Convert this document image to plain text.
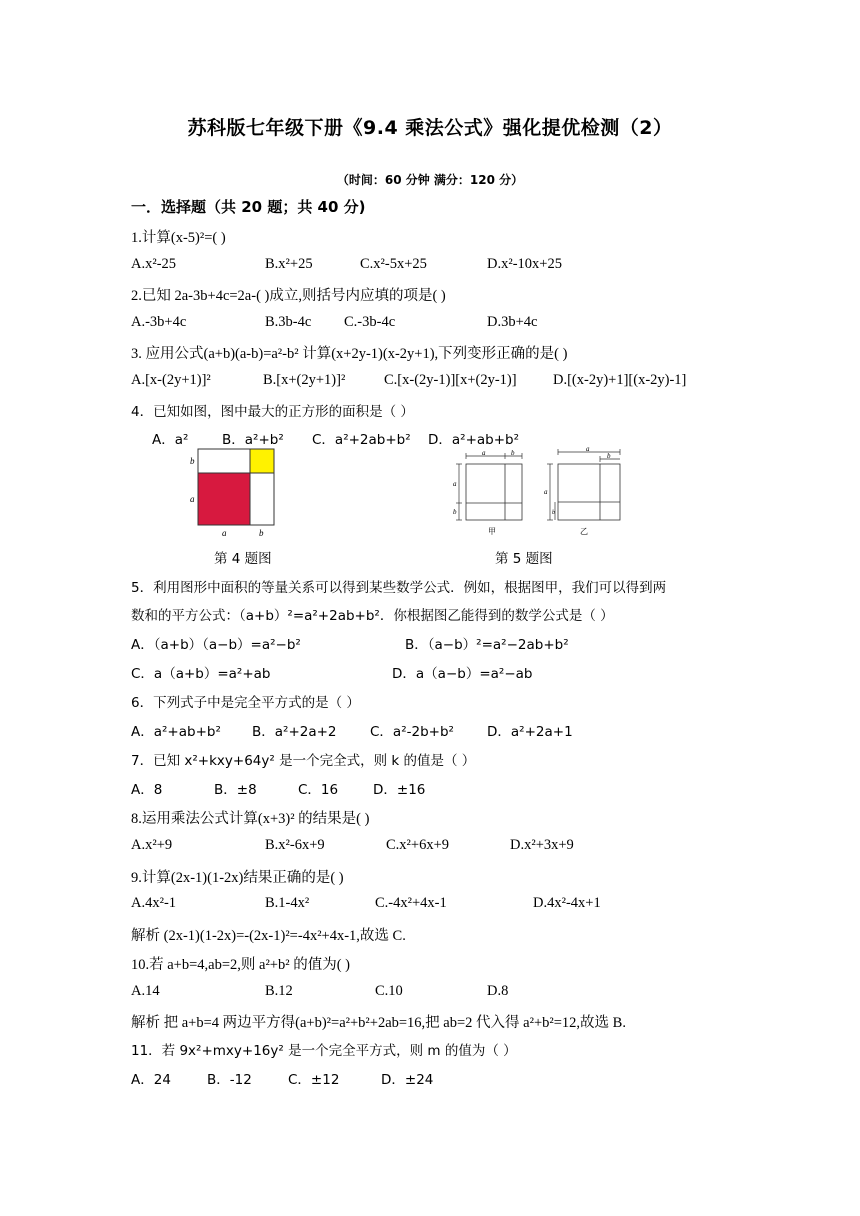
苏科版七年级下册《9.4 乘法公式》强化提优检测（2）
（时间：60 分钟 满分：120 分）
一．选择题（共 20 题；共 40 分)
1.计算(x-5)²=( )
A.x²-25	B.x²+25	C.x²-5x+25	D.x²-10x+25
2.已知 2a-3b+4c=2a-( )成立,则括号内应填的项是( )
A.-3b+4c	B.3b-4c C.-3b-4c	D.3b+4c
3. 应用公式(a+b)(a-b)=a²-b² 计算(x+2y-1)(x-2y+1),下列变形正确的是( )
A.[x-(2y+1)]²	B.[x+(2y+1)]²	C.[x-(2y-1)][x+(2y-1)]	D.[(x-2y)+1][(x-2y)-1]
4．已知如图，图中最大的正方形的面积是（ ）
A．a² B．a²+b² C．a²+2ab+b² D．a²+ab+b²
b
a
a	b
a	b
a
b
甲
a
b
a
b
乙
第 4 题图	第 5 题图
5．利用图形中面积的等量关系可以得到某些数学公式．例如，根据图甲，我们可以得到两
数和的平方公式：（a+b）²=a²+2ab+b²．你根据图乙能得到的数学公式是（ ）
A．（a+b）（a−b）=a²−b²	B．（a−b）²=a²−2ab+b²
C．a（a+b）=a²+ab	D．a（a−b）=a²−ab
6．下列式子中是完全平方式的是（ ）
A．a²+ab+b² B．a²+2a+2 C．a²-2b+b² D．a²+2a+1
7．已知 x²+kxy+64y² 是一个完全式，则 k 的值是（ ）
A．8	B．±8	C．16	D．±16
8.运用乘法公式计算(x+3)² 的结果是( )
A.x²+9	B.x²-6x+9	C.x²+6x+9	D.x²+3x+9
9.计算(2x-1)(1-2x)结果正确的是( )
A.4x²-1	B.1-4x²	C.-4x²+4x-1	D.4x²-4x+1
解析 (2x-1)(1-2x)=-(2x-1)²=-4x²+4x-1,故选 C.
10.若 a+b=4,ab=2,则 a²+b² 的值为( )
A.14	B.12	C.10	D.8
解析 把 a+b=4 两边平方得(a+b)²=a²+b²+2ab=16,把 ab=2 代入得 a²+b²=12,故选 B.
11．若 9x²+mxy+16y² 是一个完全平方式，则 m 的值为（ ）
A．24	B．-12	C．±12	D．±24
